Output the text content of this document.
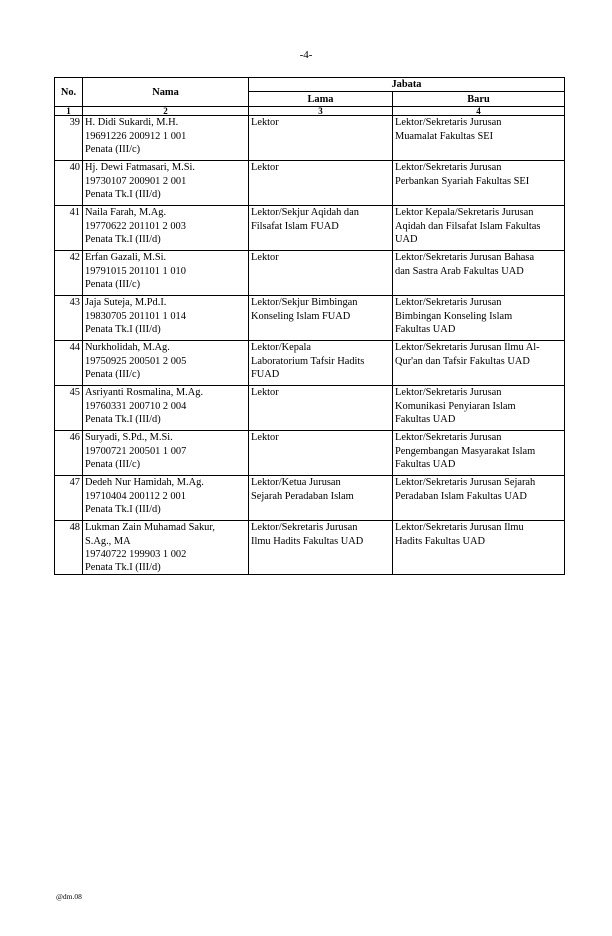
-4-
No.	Nama	Jabata	
		Lama	Baru
1	2	3	4
39	H. Didi Sukardi, M.H.
19691226 200912 1 001
Penata (III/c)	Lektor	Lektor/Sekretaris Jurusan
Muamalat Fakultas SEI

40	Hj. Dewi Fatmasari, M.Si.
19730107 200901 2 001
Penata Tk.I (III/d)	Lektor	Lektor/Sekretaris Jurusan
Perbankan Syariah Fakultas SEI

41	Naila Farah, M.Ag.
19770622 201101 2 003
Penata Tk.I (III/d)	Lektor/Sekjur Aqidah dan
Filsafat Islam FUAD	Lektor Kepala/Sekretaris Jurusan
Aqidah dan Filsafat Islam Fakultas
UAD

42	Erfan Gazali, M.Si.
19791015 201101 1 010
Penata (III/c)	Lektor	Lektor/Sekretaris Jurusan Bahasa
dan Sastra Arab Fakultas UAD

43	Jaja Suteja, M.Pd.I.
19830705 201101 1 014
Penata Tk.I (III/d)	Lektor/Sekjur Bimbingan
Konseling Islam FUAD	Lektor/Sekretaris Jurusan
Bimbingan Konseling Islam
Fakultas UAD

44	Nurkholidah, M.Ag.
19750925 200501 2 005
Penata (III/c)	Lektor/Kepala
Laboratorium Tafsir Hadits
FUAD	Lektor/Sekretaris Jurusan Ilmu Al-
Qur'an dan Tafsir Fakultas UAD

45	Asriyanti Rosmalina, M.Ag.
19760331 200710 2 004
Penata Tk.I (III/d)	Lektor	Lektor/Sekretaris Jurusan
Komunikasi Penyiaran Islam
Fakultas UAD

46	Suryadi, S.Pd., M.Si.
19700721 200501 1 007
Penata (III/c)	Lektor	Lektor/Sekretaris Jurusan
Pengembangan Masyarakat Islam
Fakultas UAD

47	Dedeh Nur Hamidah, M.Ag.
19710404 200112 2 001
Penata Tk.I (III/d)	Lektor/Ketua Jurusan
Sejarah Peradaban Islam	Lektor/Sekretaris Jurusan Sejarah
Peradaban Islam Fakultas UAD

48	Lukman Zain Muhamad Sakur,
S.Ag., MA
19740722 199903 1 002
Penata Tk.I (III/d)	Lektor/Sekretaris Jurusan
Ilmu Hadits Fakultas UAD	Lektor/Sekretaris Jurusan Ilmu
Hadits Fakultas UAD
@dm.08
